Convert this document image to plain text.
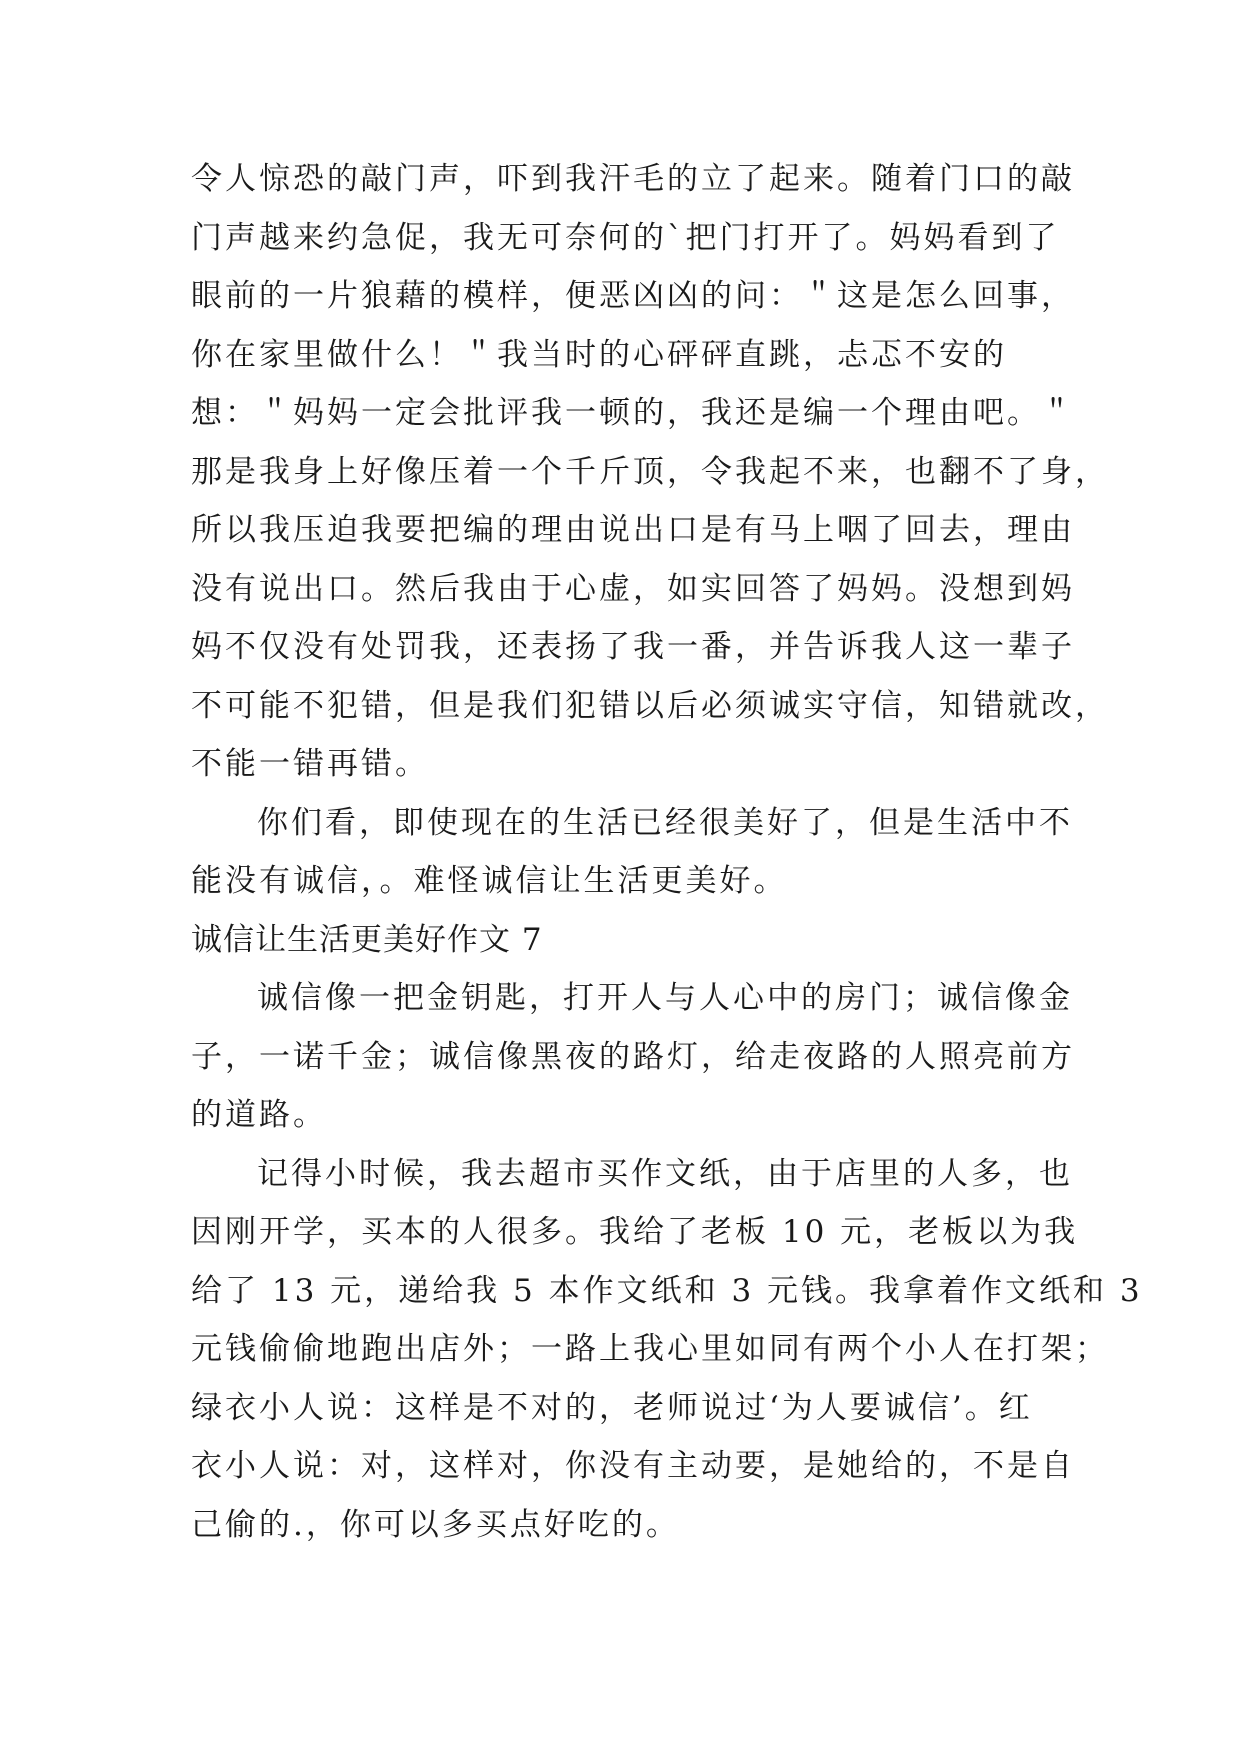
令人惊恐的敲门声，吓到我汗毛的立了起来。随着门口的敲
门声越来约急促，我无可奈何的`把门打开了。妈妈看到了
眼前的一片狼藉的模样，便恶凶凶的问：＂这是怎么回事，
你在家里做什么！＂我当时的心砰砰直跳，忐忑不安的
想：＂妈妈一定会批评我一顿的，我还是编一个理由吧。＂
那是我身上好像压着一个千斤顶，令我起不来，也翻不了身，
所以我压迫我要把编的理由说出口是有马上咽了回去，理由
没有说出口。然后我由于心虚，如实回答了妈妈。没想到妈
妈不仅没有处罚我，还表扬了我一番，并告诉我人这一辈子
不可能不犯错，但是我们犯错以后必须诚实守信，知错就改，
不能一错再错。
你们看，即使现在的生活已经很美好了，但是生活中不
能没有诚信，。难怪诚信让生活更美好。
诚信让生活更美好作文 7
诚信像一把金钥匙，打开人与人心中的房门；诚信像金
子，一诺千金；诚信像黑夜的路灯，给走夜路的人照亮前方
的道路。
记得小时候，我去超市买作文纸，由于店里的人多，也
因刚开学，买本的人很多。我给了老板 10 元，老板以为我
给了 13 元，递给我 5 本作文纸和 3 元钱。我拿着作文纸和 3
元钱偷偷地跑出店外；一路上我心里如同有两个小人在打架；
绿衣小人说：这样是不对的，老师说过‘为人要诚信’。红
衣小人说：对，这样对，你没有主动要，是她给的，不是自
己偷的.，你可以多买点好吃的。
